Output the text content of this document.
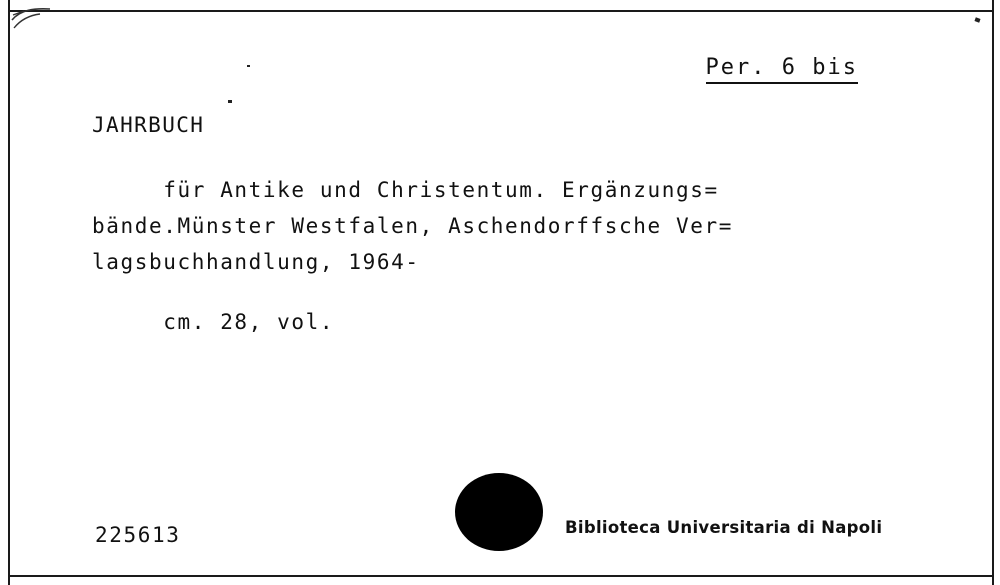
Per. 6 bis
JAHRBUCH
für Antike und Christentum. Ergänzungs=
bände.Münster Westfalen, Aschendorffsche Ver=
lagsbuchhandlung, 1964-
cm. 28, vol.
225613	Biblioteca Universitaria di Napoli
